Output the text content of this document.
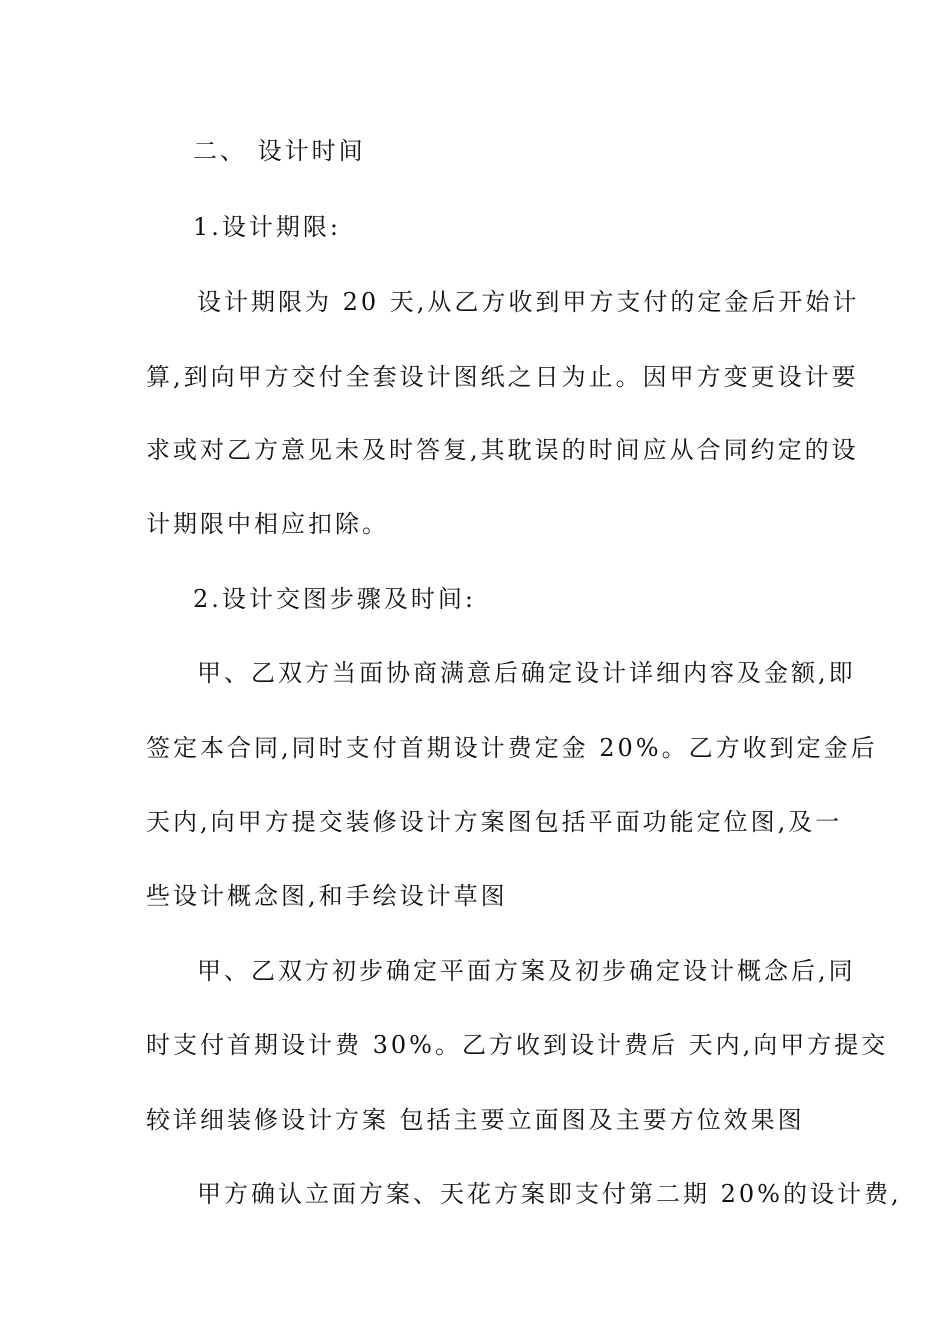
二、 设计时间
1.设计期限:
设计期限为 20 天,从乙方收到甲方支付的定金后开始计
算,到向甲方交付全套设计图纸之日为止。因甲方变更设计要
求或对乙方意见未及时答复,其耽误的时间应从合同约定的设
计期限中相应扣除。
2.设计交图步骤及时间:
甲、乙双方当面协商满意后确定设计详细内容及金额,即
签定本合同,同时支付首期设计费定金 20%。乙方收到定金后
天内,向甲方提交装修设计方案图包括平面功能定位图,及一
些设计概念图,和手绘设计草图
甲、乙双方初步确定平面方案及初步确定设计概念后,同
时支付首期设计费 30%。乙方收到设计费后 天内,向甲方提交
较详细装修设计方案 包括主要立面图及主要方位效果图
甲方确认立面方案、天花方案即支付第二期 20%的设计费,
